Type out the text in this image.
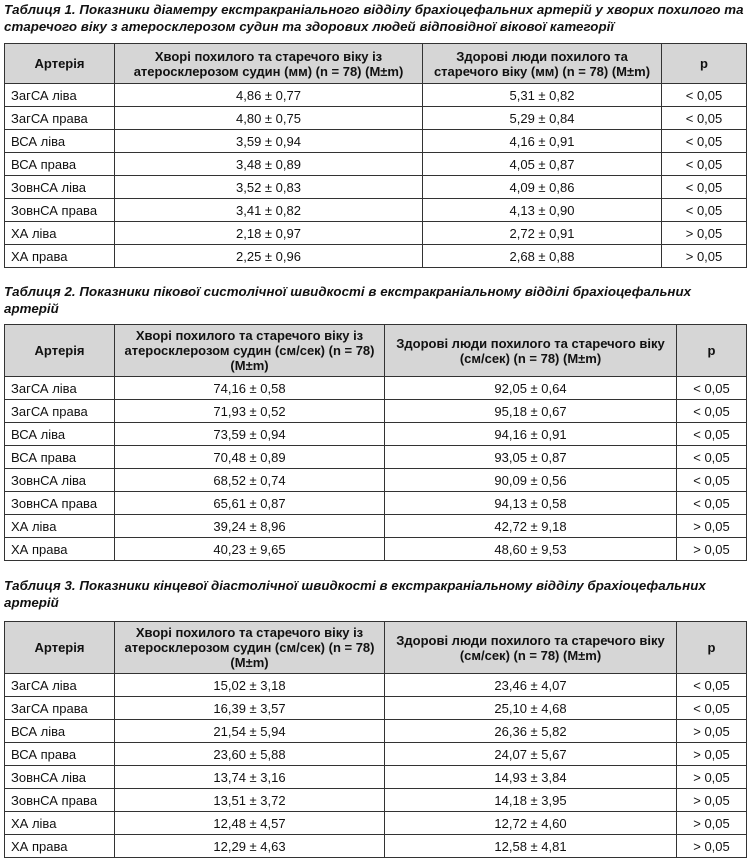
Таблиця 1. Показники діаметру екстракраніального відділу брахіоцефальних артерій у хворих похилого та старечого віку з атеросклерозом судин та здорових людей відповідної вікової категорії

Артерія	Хворі похилого та старечого віку із атеросклерозом судин (мм) (n = 78) (M±m)	Здорові люди похилого та старечого віку (мм) (n = 78) (M±m)	p
ЗагСА ліва	4,86 ± 0,77	5,31 ± 0,82	< 0,05
ЗагСА права	4,80 ± 0,75	5,29 ± 0,84	< 0,05
ВСА ліва	3,59 ± 0,94	4,16 ± 0,91	< 0,05
ВСА права	3,48 ± 0,89	4,05 ± 0,87	< 0,05
ЗовнСА ліва	3,52 ± 0,83	4,09 ± 0,86	< 0,05
ЗовнСА права	3,41 ± 0,82	4,13 ± 0,90	< 0,05
ХА ліва	2,18 ± 0,97	2,72 ± 0,91	> 0,05
ХА права	2,25 ± 0,96	2,68 ± 0,88	> 0,05

Таблиця 2. Показники пікової систолічної швидкості в екстракраніальному відділі брахіоцефальних артерій

Артерія	Хворі похилого та старечого віку із атеросклерозом судин (см/сек) (n = 78) (M±m)	Здорові люди похилого та старечого віку (см/сек) (n = 78) (M±m)	p
ЗагСА ліва	74,16 ± 0,58	92,05 ± 0,64	< 0,05
ЗагСА права	71,93 ± 0,52	95,18 ± 0,67	< 0,05
ВСА ліва	73,59 ± 0,94	94,16 ± 0,91	< 0,05
ВСА права	70,48 ± 0,89	93,05 ± 0,87	< 0,05
ЗовнСА ліва	68,52 ± 0,74	90,09 ± 0,56	< 0,05
ЗовнСА права	65,61 ± 0,87	94,13 ± 0,58	< 0,05
ХА ліва	39,24 ± 8,96	42,72 ± 9,18	> 0,05
ХА права	40,23 ± 9,65	48,60 ± 9,53	> 0,05

Таблиця 3. Показники кінцевої діастолічної швидкості в екстракраніальному відділу брахіоцефальних артерій

Артерія	Хворі похилого та старечого віку із атеросклерозом судин (см/сек) (n = 78) (M±m)	Здорові люди похилого та старечого віку (см/сек) (n = 78) (M±m)	p
ЗагСА ліва	15,02 ± 3,18	23,46 ± 4,07	< 0,05
ЗагСА права	16,39 ± 3,57	25,10 ± 4,68	< 0,05
ВСА ліва	21,54 ± 5,94	26,36 ± 5,82	> 0,05
ВСА права	23,60 ± 5,88	24,07 ± 5,67	> 0,05
ЗовнСА ліва	13,74 ± 3,16	14,93 ± 3,84	> 0,05
ЗовнСА права	13,51 ± 3,72	14,18 ± 3,95	> 0,05
ХА ліва	12,48 ± 4,57	12,72 ± 4,60	> 0,05
ХА права	12,29 ± 4,63	12,58 ± 4,81	> 0,05
